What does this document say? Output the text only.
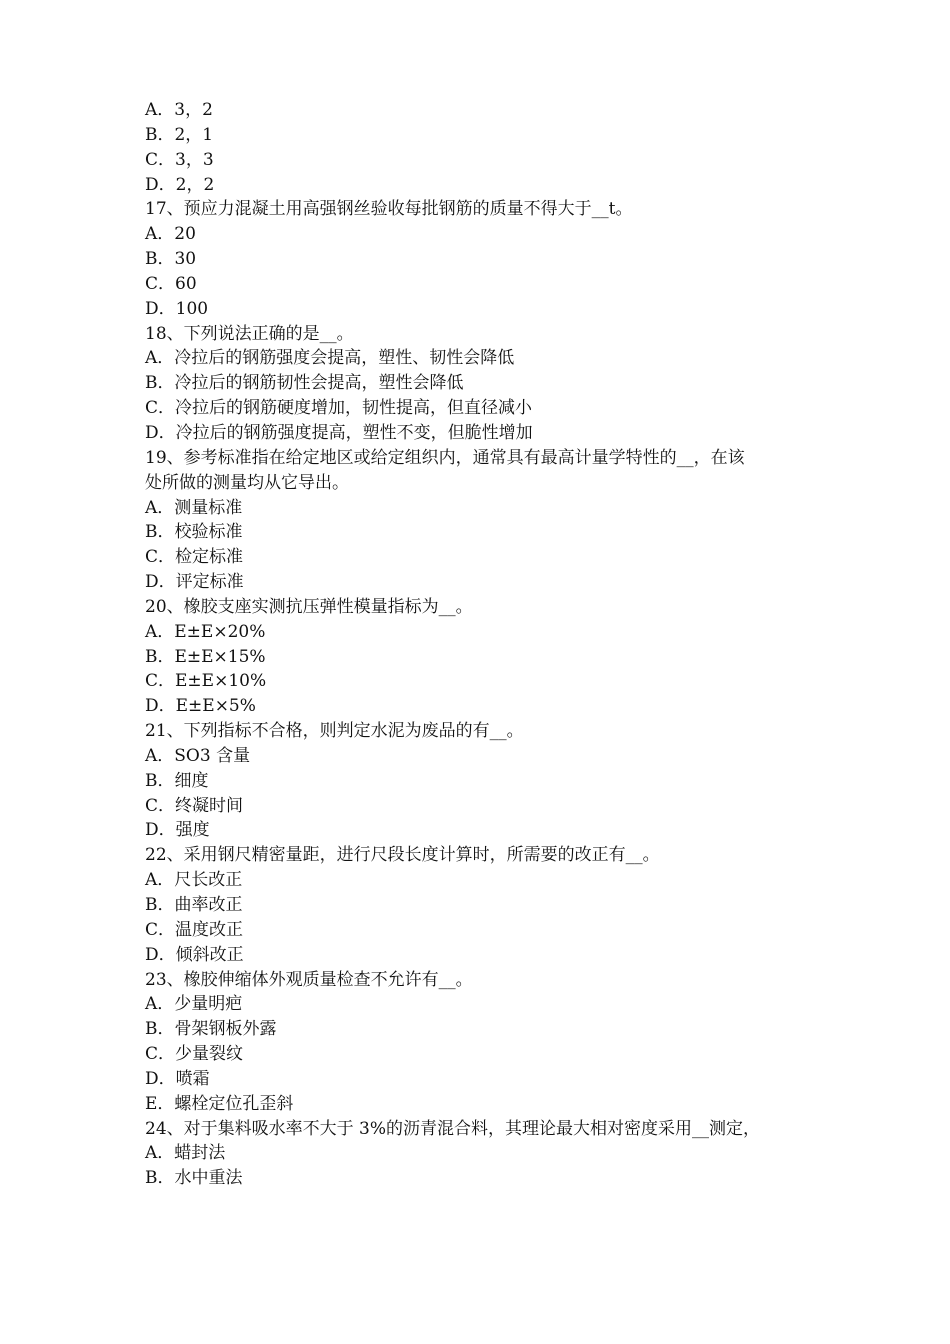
A．3，2
B．2，1
C．3，3
D．2，2
17、预应力混凝土用高强钢丝验收每批钢筋的质量不得大于__t。
A．20
B．30
C．60
D．100
18、下列说法正确的是__。
A．冷拉后的钢筋强度会提高，塑性、韧性会降低
B．冷拉后的钢筋韧性会提高，塑性会降低
C．冷拉后的钢筋硬度增加，韧性提高，但直径减小
D．冷拉后的钢筋强度提高，塑性不变，但脆性增加
19、参考标准指在给定地区或给定组织内，通常具有最高计量学特性的__，在该
处所做的测量均从它导出。
A．测量标准
B．校验标准
C．检定标准
D．评定标准
20、橡胶支座实测抗压弹性模量指标为__。
A．E±E×20%
B．E±E×15%
C．E±E×10%
D．E±E×5%
21、下列指标不合格，则判定水泥为废品的有__。
A．SO3 含量
B．细度
C．终凝时间
D．强度
22、采用钢尺精密量距，进行尺段长度计算时，所需要的改正有__。
A．尺长改正
B．曲率改正
C．温度改正
D．倾斜改正
23、橡胶伸缩体外观质量检查不允许有__。
A．少量明疤
B．骨架钢板外露
C．少量裂纹
D．喷霜
E．螺栓定位孔歪斜
24、对于集料吸水率不大于 3%的沥青混合料，其理论最大相对密度采用__测定，
A．蜡封法
B．水中重法
